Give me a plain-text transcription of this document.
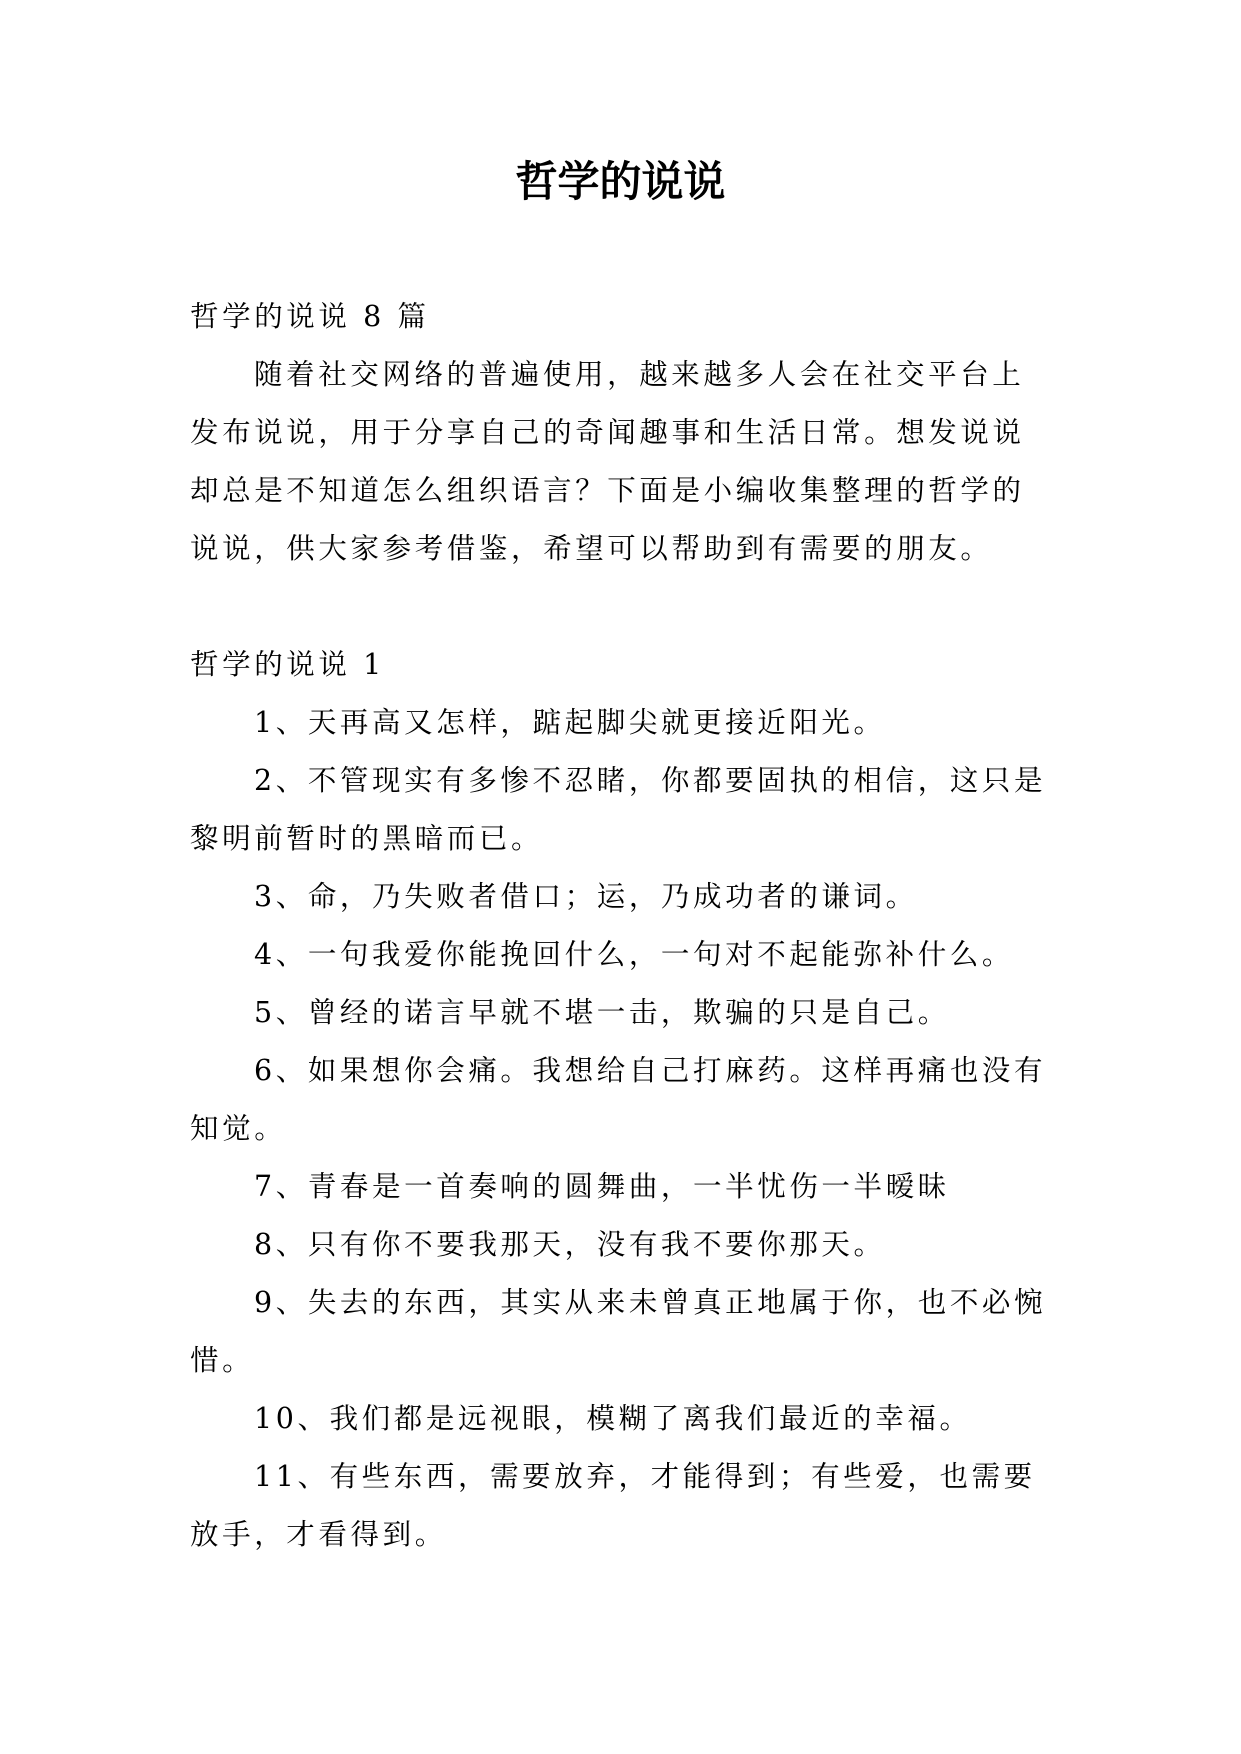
哲学的说说

哲学的说说 8 篇

随着社交网络的普遍使用，越来越多人会在社交平台上发布说说，用于分享自己的奇闻趣事和生活日常。想发说说却总是不知道怎么组织语言？下面是小编收集整理的哲学的说说，供大家参考借鉴，希望可以帮助到有需要的朋友。

哲学的说说 1

1、天再高又怎样，踮起脚尖就更接近阳光。

2、不管现实有多惨不忍睹，你都要固执的相信，这只是黎明前暂时的黑暗而已。

3、命，乃失败者借口；运，乃成功者的谦词。

4、一句我爱你能挽回什么，一句对不起能弥补什么。

5、曾经的诺言早就不堪一击，欺骗的只是自己。

6、如果想你会痛。我想给自己打麻药。这样再痛也没有知觉。

7、青春是一首奏响的圆舞曲，一半忧伤一半暧昧

8、只有你不要我那天，没有我不要你那天。

9、失去的东西，其实从来未曾真正地属于你，也不必惋惜。

10、我们都是远视眼，模糊了离我们最近的幸福。

11、有些东西，需要放弃，才能得到；有些爱，也需要放手，才看得到。
